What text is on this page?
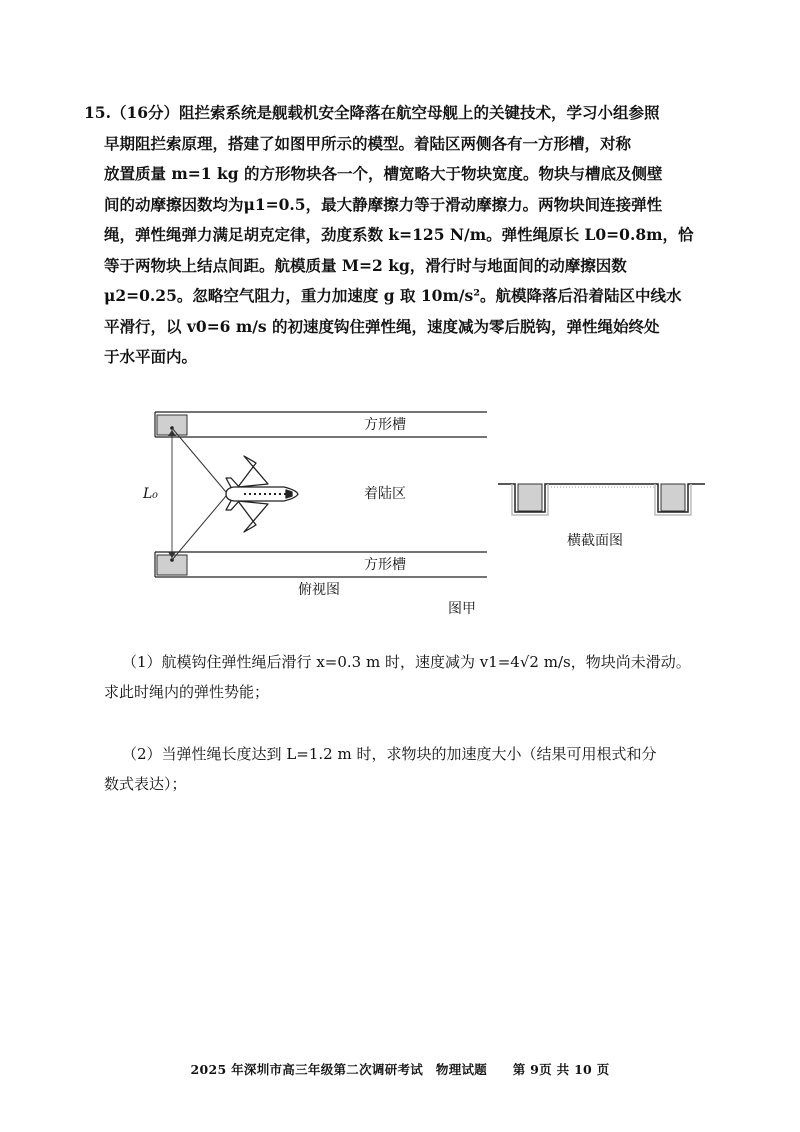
15.（16分）阻拦索系统是舰载机安全降落在航空母舰上的关键技术，学习小组参照
早期阻拦索原理，搭建了如图甲所示的模型。着陆区两侧各有一方形槽，对称
放置质量 m=1 kg 的方形物块各一个，槽宽略大于物块宽度。物块与槽底及侧壁
间的动摩擦因数均为μ1=0.5，最大静摩擦力等于滑动摩擦力。两物块间连接弹性
绳，弹性绳弹力满足胡克定律，劲度系数 k=125 N/m。弹性绳原长 L0=0.8m，恰
等于两物块上结点间距。航模质量 M=2 kg，滑行时与地面间的动摩擦因数
μ2=0.25。忽略空气阻力，重力加速度 g 取 10m/s²。航模降落后沿着陆区中线水
平滑行，以 v0=6 m/s 的初速度钩住弹性绳，速度减为零后脱钩，弹性绳始终处
于水平面内。
方形槽
方形槽
着陆区
L₀
俯视图
横截面图
图甲
（1）航模钩住弹性绳后滑行 x=0.3 m 时，速度减为 v1=4√2 m/s，物块尚未滑动。
求此时绳内的弹性势能；
（2）当弹性绳长度达到 L=1.2 m 时，求物块的加速度大小（结果可用根式和分
数式表达）；
2025 年深圳市高三年级第二次调研考试　物理试题　　第 9页 共 10 页
